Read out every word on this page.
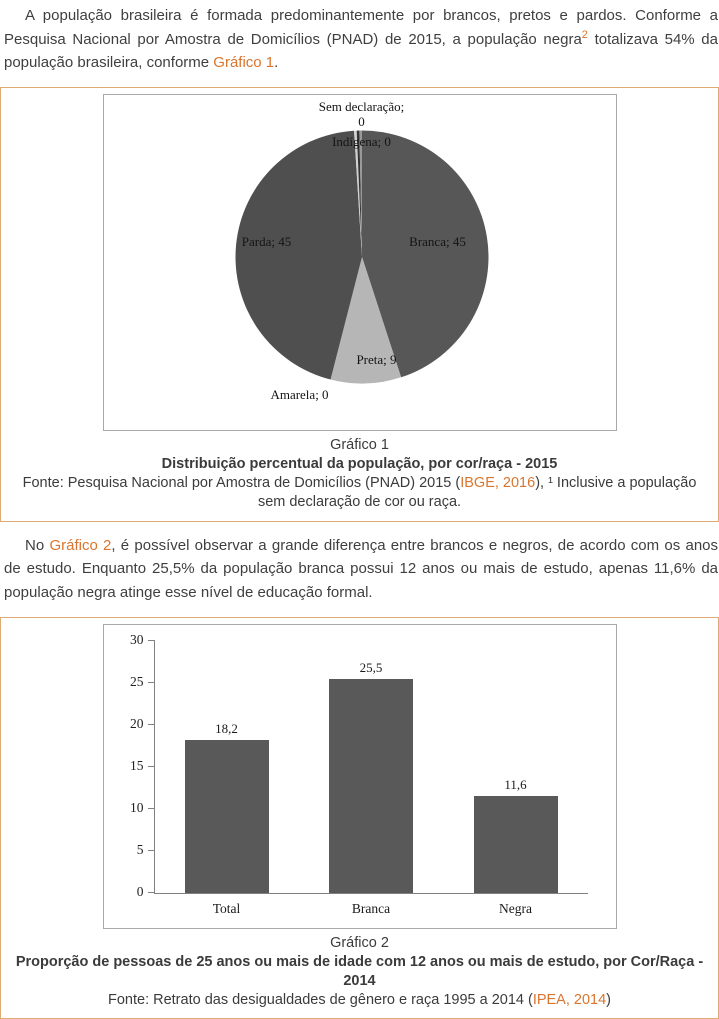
A população brasileira é formada predominantemente por brancos, pretos e pardos. Conforme a Pesquisa Nacional por Amostra de Domicílios (PNAD) de 2015, a população negra$^2$ totalizava 54% da população brasileira, conforme Gráfico 1.

Sem declaração; 0
Indígena; 0
Branca; 45
Parda; 45
Preta; 9
Amarela; 0
Gráfico 1
Distribuição percentual da população, por cor/raça - 2015
Fonte: Pesquisa Nacional por Amostra de Domicílios (PNAD) 2015 (IBGE, 2016), ¹ Inclusive a população sem declaração de cor ou raça.

No Gráfico 2, é possível observar a grande diferença entre brancos e negros, de acordo com os anos de estudo. Enquanto 25,5% da população branca possui 12 anos ou mais de estudo, apenas 11,6% da população negra atinge esse nível de educação formal.

18,2
Total
25,5
Branca
11,6
Negra
0
5
10
15
20
25
30
Gráfico 2
Proporção de pessoas de 25 anos ou mais de idade com 12 anos ou mais de estudo, por Cor/Raça - 2014
Fonte: Retrato das desigualdades de gênero e raça 1995 a 2014 (IPEA, 2014)
